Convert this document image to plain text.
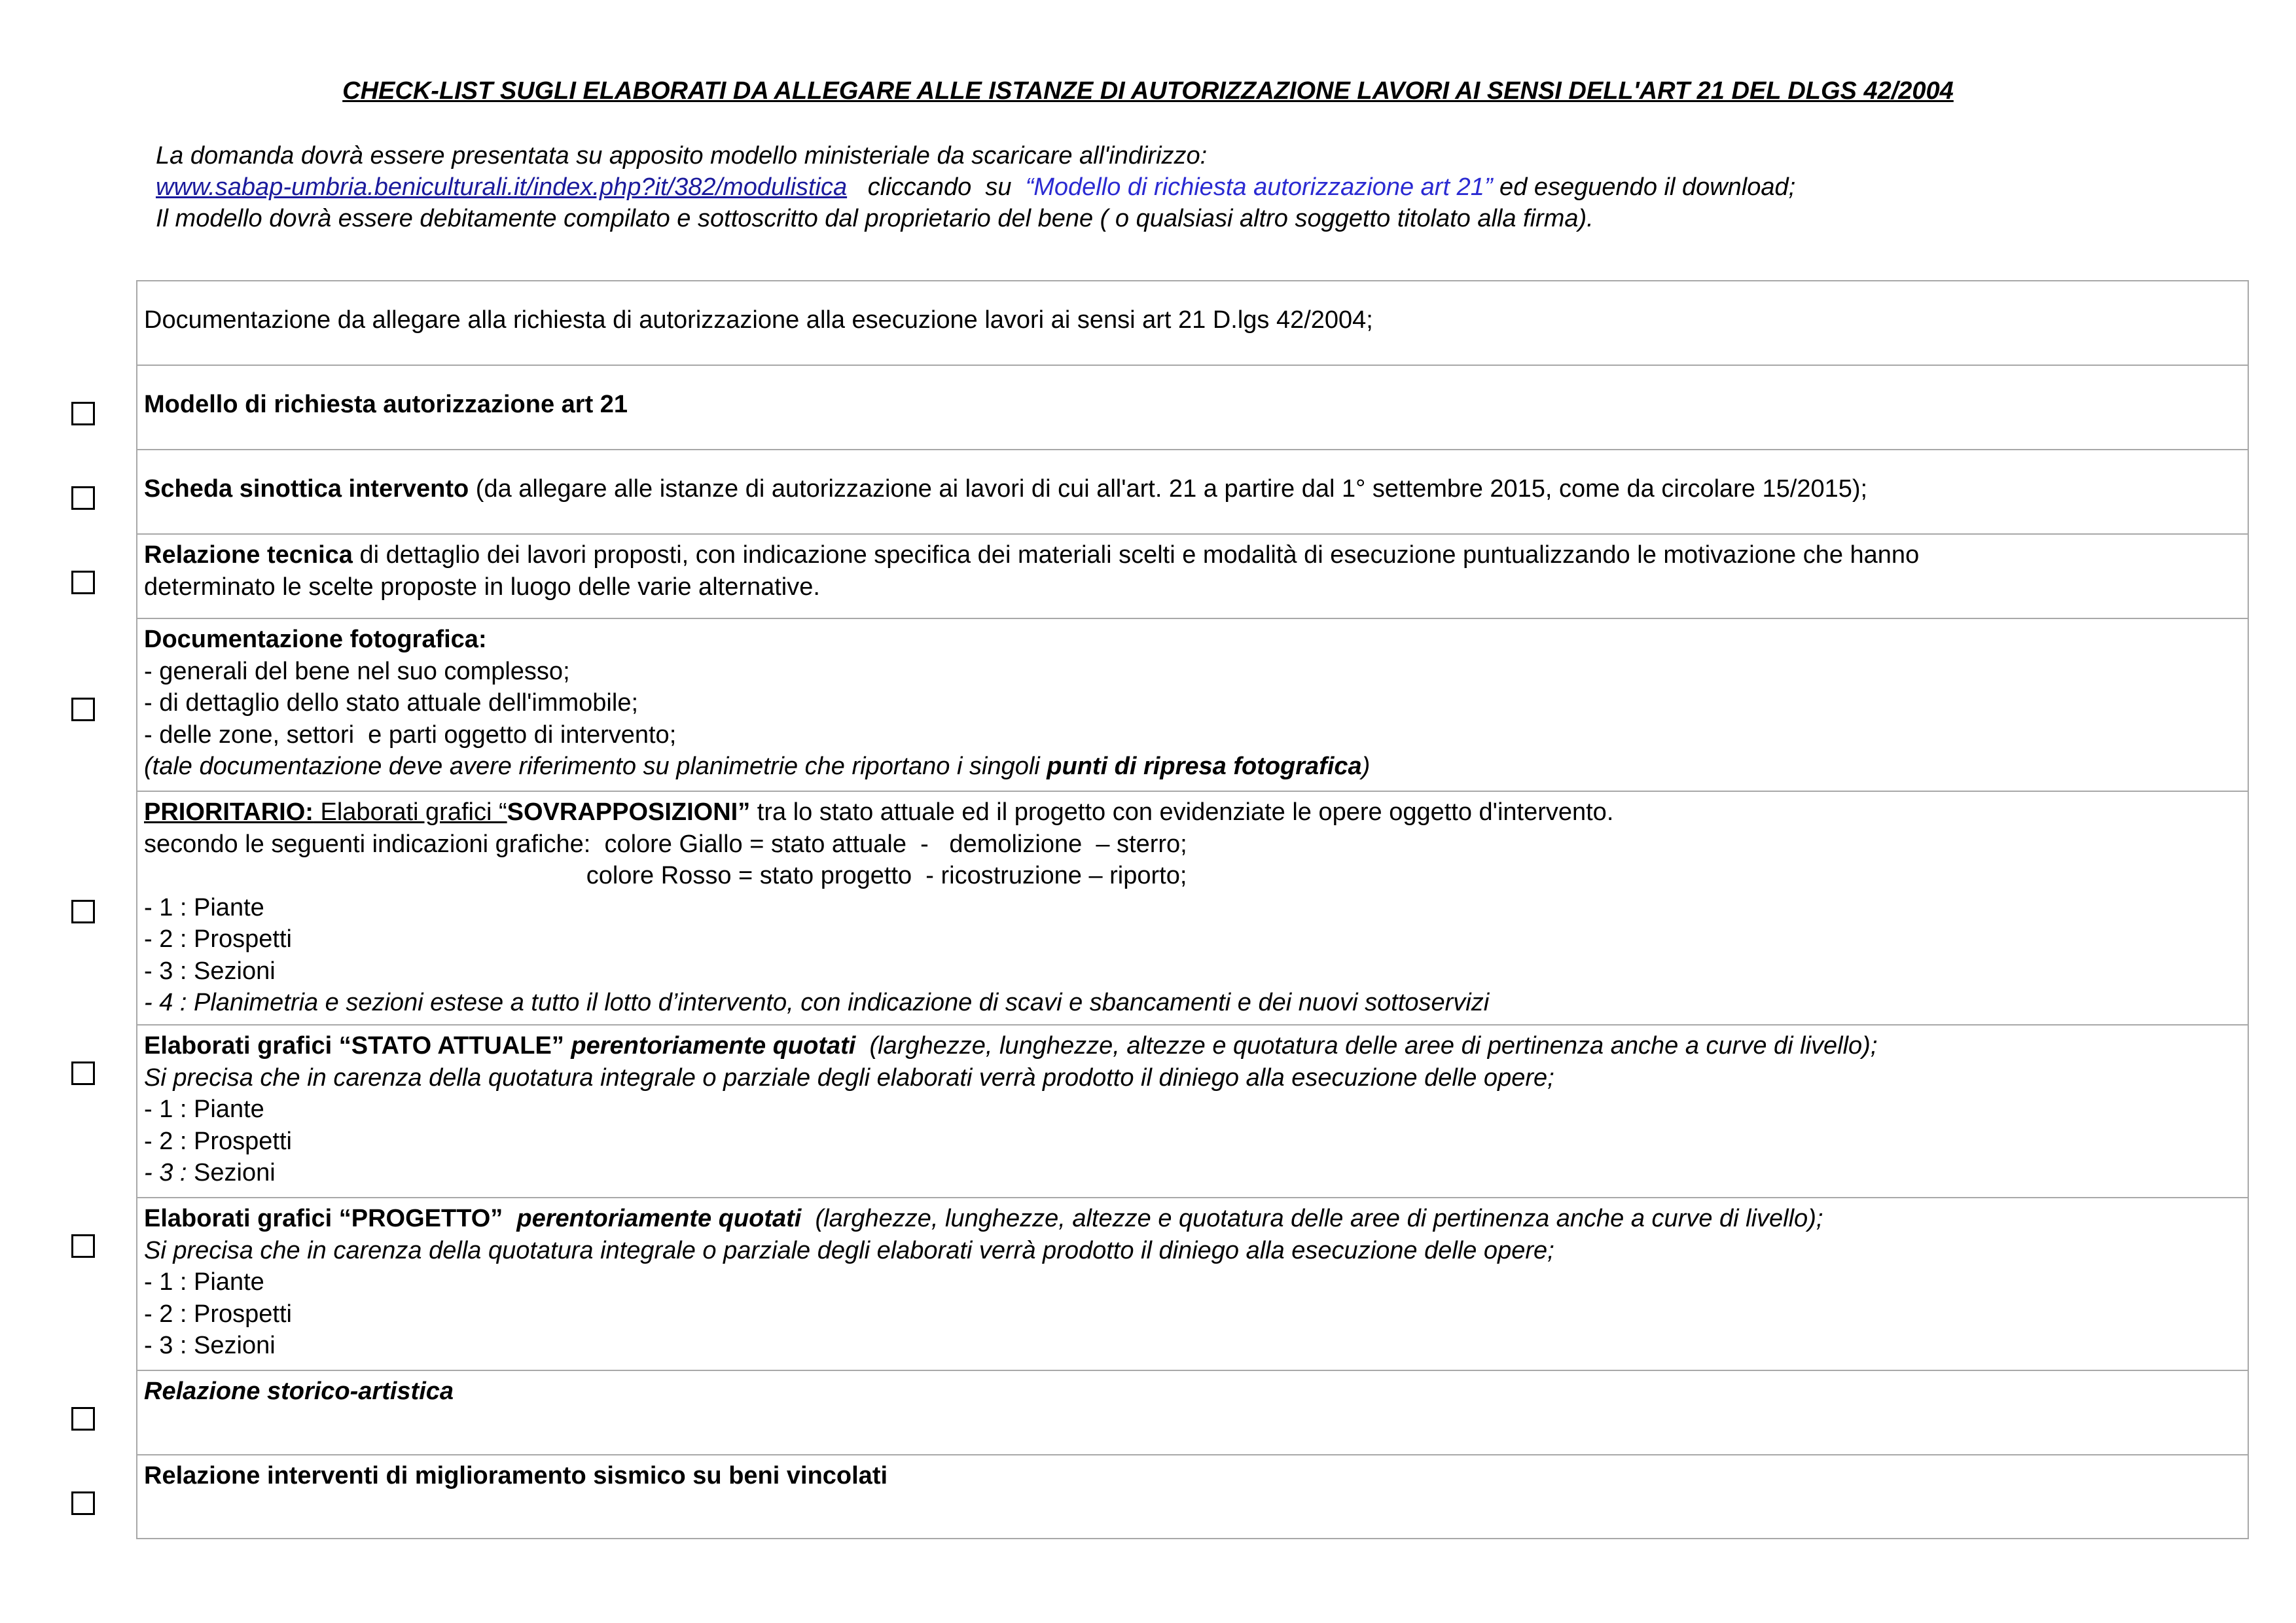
CHECK-LIST SUGLI ELABORATI DA ALLEGARE ALLE ISTANZE DI AUTORIZZAZIONE LAVORI AI SENSI DELL'ART 21 DEL DLGS 42/2004
La domanda dovrà essere presentata su apposito modello ministeriale da scaricare all'indirizzo:
www.sabap-umbria.beniculturali.it/index.php?it/382/modulistica   cliccando  su  “Modello di richiesta autorizzazione art 21” ed eseguendo il download;
Il modello dovrà essere debitamente compilato e sottoscritto dal proprietario del bene ( o qualsiasi altro soggetto titolato alla firma).
Documentazione da allegare alla richiesta di autorizzazione alla esecuzione lavori ai sensi art 21 D.lgs 42/2004;
Modello di richiesta autorizzazione art 21
Scheda sinottica intervento (da allegare alle istanze di autorizzazione ai lavori di cui all'art. 21 a partire dal 1° settembre 2015, come da circolare 15/2015);
Relazione tecnica di dettaglio dei lavori proposti, con indicazione specifica dei materiali scelti e modalità di esecuzione puntualizzando le motivazione che hanno
determinato le scelte proposte in luogo delle varie alternative.
Documentazione fotografica:
- generali del bene nel suo complesso;
- di dettaglio dello stato attuale dell'immobile;
- delle zone, settori  e parti oggetto di intervento;
(tale documentazione deve avere riferimento su planimetrie che riportano i singoli punti di ripresa fotografica)
PRIORITARIO: Elaborati grafici “SOVRAPPOSIZIONI” tra lo stato attuale ed il progetto con evidenziate le opere oggetto d'intervento.
secondo le seguenti indicazioni grafiche:  colore Giallo = stato attuale  -   demolizione  – sterro;
colore Rosso = stato progetto  - ricostruzione – riporto;
- 1 : Piante
- 2 : Prospetti
- 3 : Sezioni
- 4 : Planimetria e sezioni estese a tutto il lotto d’intervento, con indicazione di scavi e sbancamenti e dei nuovi sottoservizi
Elaborati grafici “STATO ATTUALE” perentoriamente quotati  (larghezze, lunghezze, altezze e quotatura delle aree di pertinenza anche a curve di livello);
Si precisa che in carenza della quotatura integrale o parziale degli elaborati verrà prodotto il diniego alla esecuzione delle opere;
- 1 : Piante
- 2 : Prospetti
- 3 : Sezioni
Elaborati grafici “PROGETTO”  perentoriamente quotati  (larghezze, lunghezze, altezze e quotatura delle aree di pertinenza anche a curve di livello);
Si precisa che in carenza della quotatura integrale o parziale degli elaborati verrà prodotto il diniego alla esecuzione delle opere;
- 1 : Piante
- 2 : Prospetti
- 3 : Sezioni
Relazione storico-artistica
Relazione interventi di miglioramento sismico su beni vincolati
